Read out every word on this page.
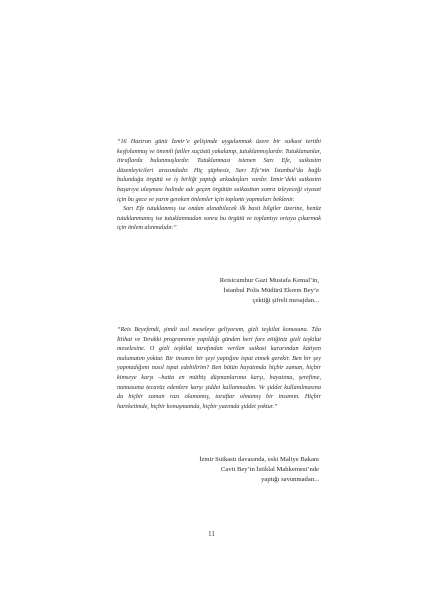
“16 Haziran günü İzmir’e gelişimde uygulanmak üzere bir suikast tertibi keşfolunmuş ve önemli failler suçüstü yakalanıp, tutuklanmışlardır. Tutuklananlar, itiraflarda bulunmuşlardır. Tutuklanması istenen Sarı Efe, suikastın düzenleyicileri arasındadır. Hiç şüphesiz, Sarı Efe’nin İstanbul’da bağlı bulunduğu örgütü ve iş birliği yaptığı arkadaşları vardır. İzmir’deki suikastın başarıya ulaşması halinde adı geçen örgütün suikasttan sonra izleyeceği siyaset için bu gece ve yarın gereken önlemler için toplantı yapmaları beklenir.

Sarı Efe tutuklanmış ise ondan alınabilecek ilk basit bilgiler üzerine, henüz tutuklanmamış ise tutuklanmadan sonra bu örgütü ve toplantıyı ortaya çıkarmak için önlem alınmalıdır.”

Reisicumhur Gazi Mustafa Kemal’in,
İstanbul Polis Müdürü Ekrem Bey’e
çektiği şifreli mesajdan...

“Reis Beyefendi, şimdi asıl meseleye geliyorum, gizli teşkilat konusuna. Tâa İttihat ve Terakki programının yapıldığı günden beri farz ettiğiniz gizli teşkilat meselesine. O gizli teşkilat tarafından verilen suikast kararından katiyen malumatım yoktur. Bir insanın bir şeyi yaptığını ispat etmek gerekir. Ben bir şey yapmadığımı nasıl ispat edebilirim? Ben bütün hayatımda hiçbir zaman, hiçbir kimseye karşı –hatta en müthiş düşmanlarıma karşı, hayatıma, şerefime, namusuma tecavüz edenlere karşı şiddet kullanmadım. Ve şiddet kullanılmasına da hiçbir zaman razı olamamış, taraftar olmamış bir insanım. Hiçbir hareketimde, hiçbir konuşmamda, hiçbir yazımda şiddet yoktur.”

İzmir Suikastı davasında, eski Maliye Bakanı
Cavit Bey’in İstiklal Mahkemesi’nde
yaptığı savunmadan...
11
